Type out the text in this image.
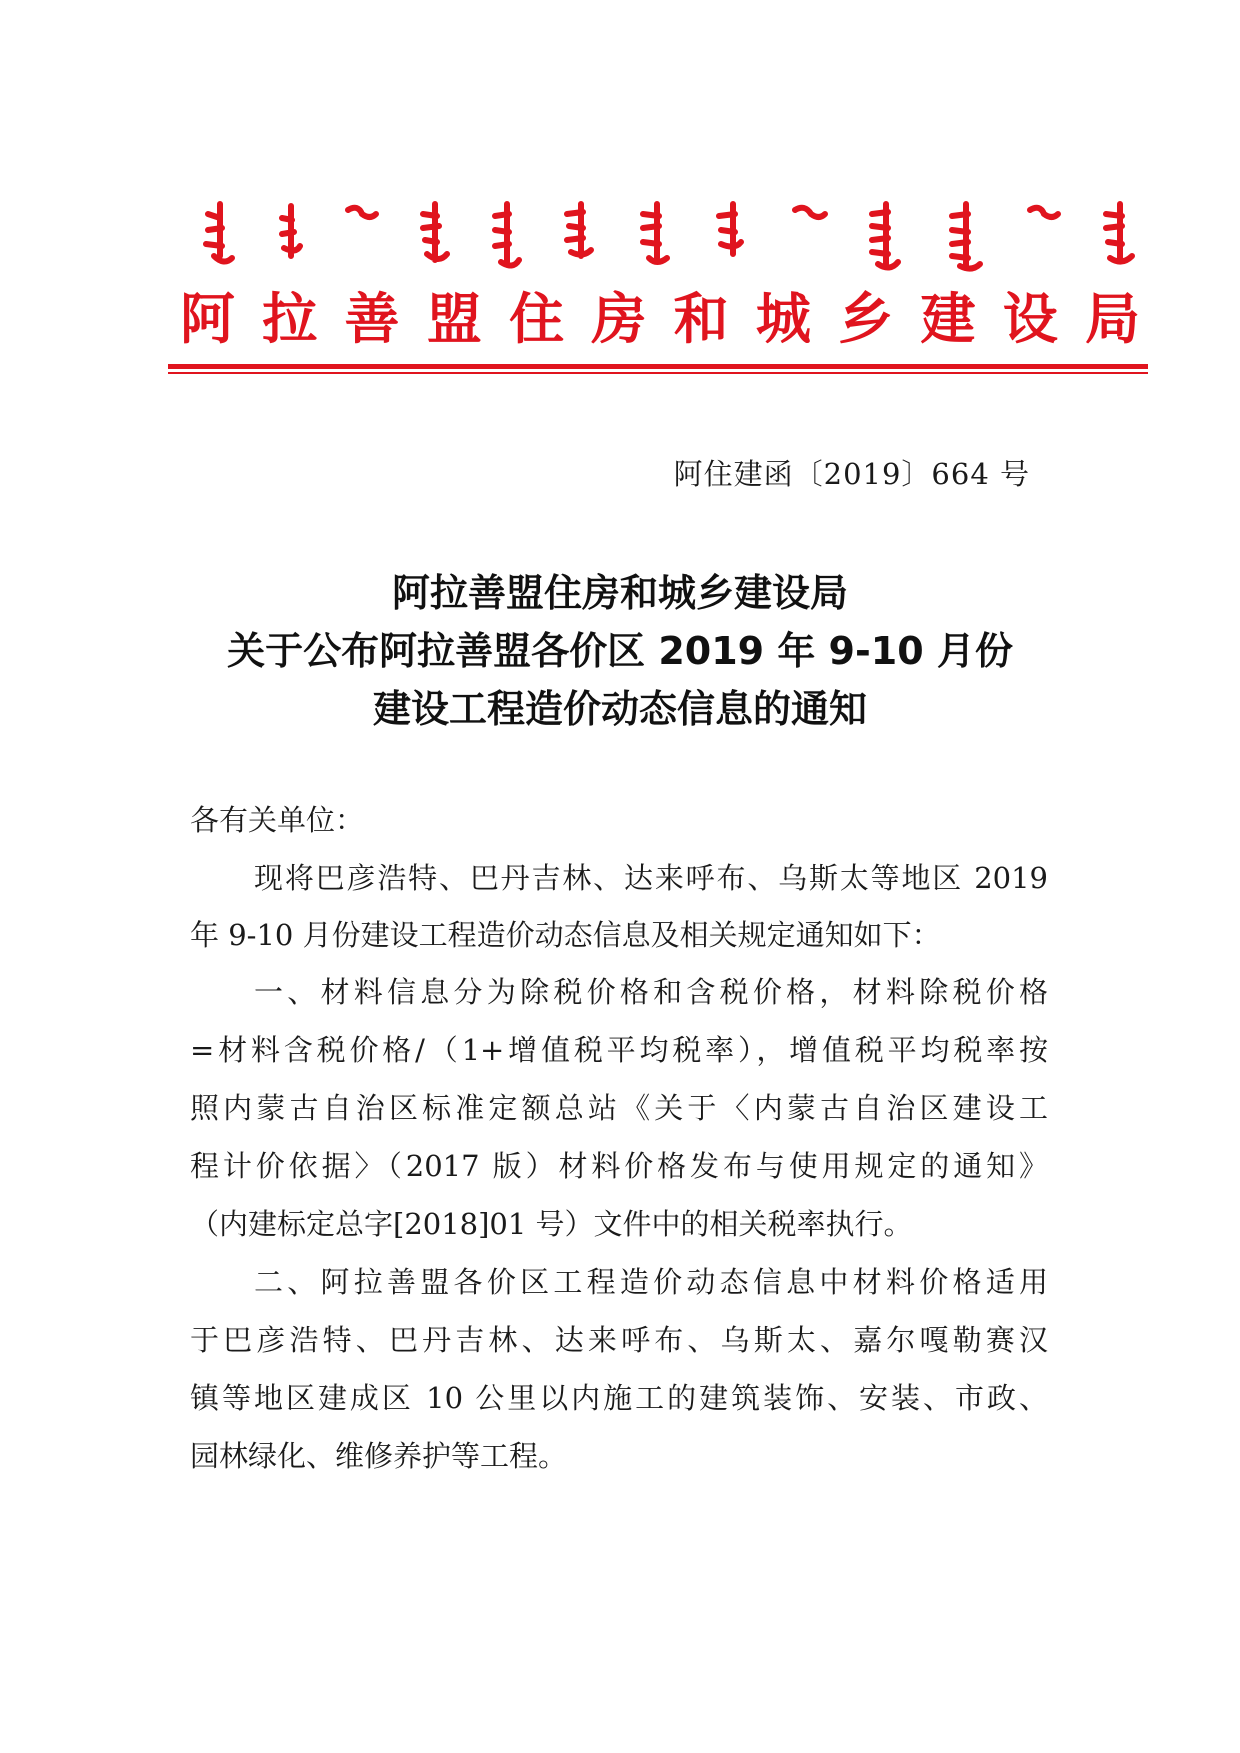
阿拉善盟住房和城乡建设局
阿住建函〔2019〕664 号
阿拉善盟住房和城乡建设局
关于公布阿拉善盟各价区 2019 年 9-10 月份
建设工程造价动态信息的通知
各有关单位：
现将巴彦浩特、巴丹吉林、达来呼布、乌斯太等地区 2019
年 9-10 月份建设工程造价动态信息及相关规定通知如下：
一、材料信息分为除税价格和含税价格，材料除税价格
=材料含税价格/（1+增值税平均税率），增值税平均税率按
照内蒙古自治区标准定额总站《关于〈内蒙古自治区建设工
程计价依据〉（2017 版）材料价格发布与使用规定的通知》
（内建标定总字[2018]01 号）文件中的相关税率执行。
二、阿拉善盟各价区工程造价动态信息中材料价格适用
于巴彦浩特、巴丹吉林、达来呼布、乌斯太、嘉尔嘎勒赛汉
镇等地区建成区 10 公里以内施工的建筑装饰、安装、市政、
园林绿化、维修养护等工程。
